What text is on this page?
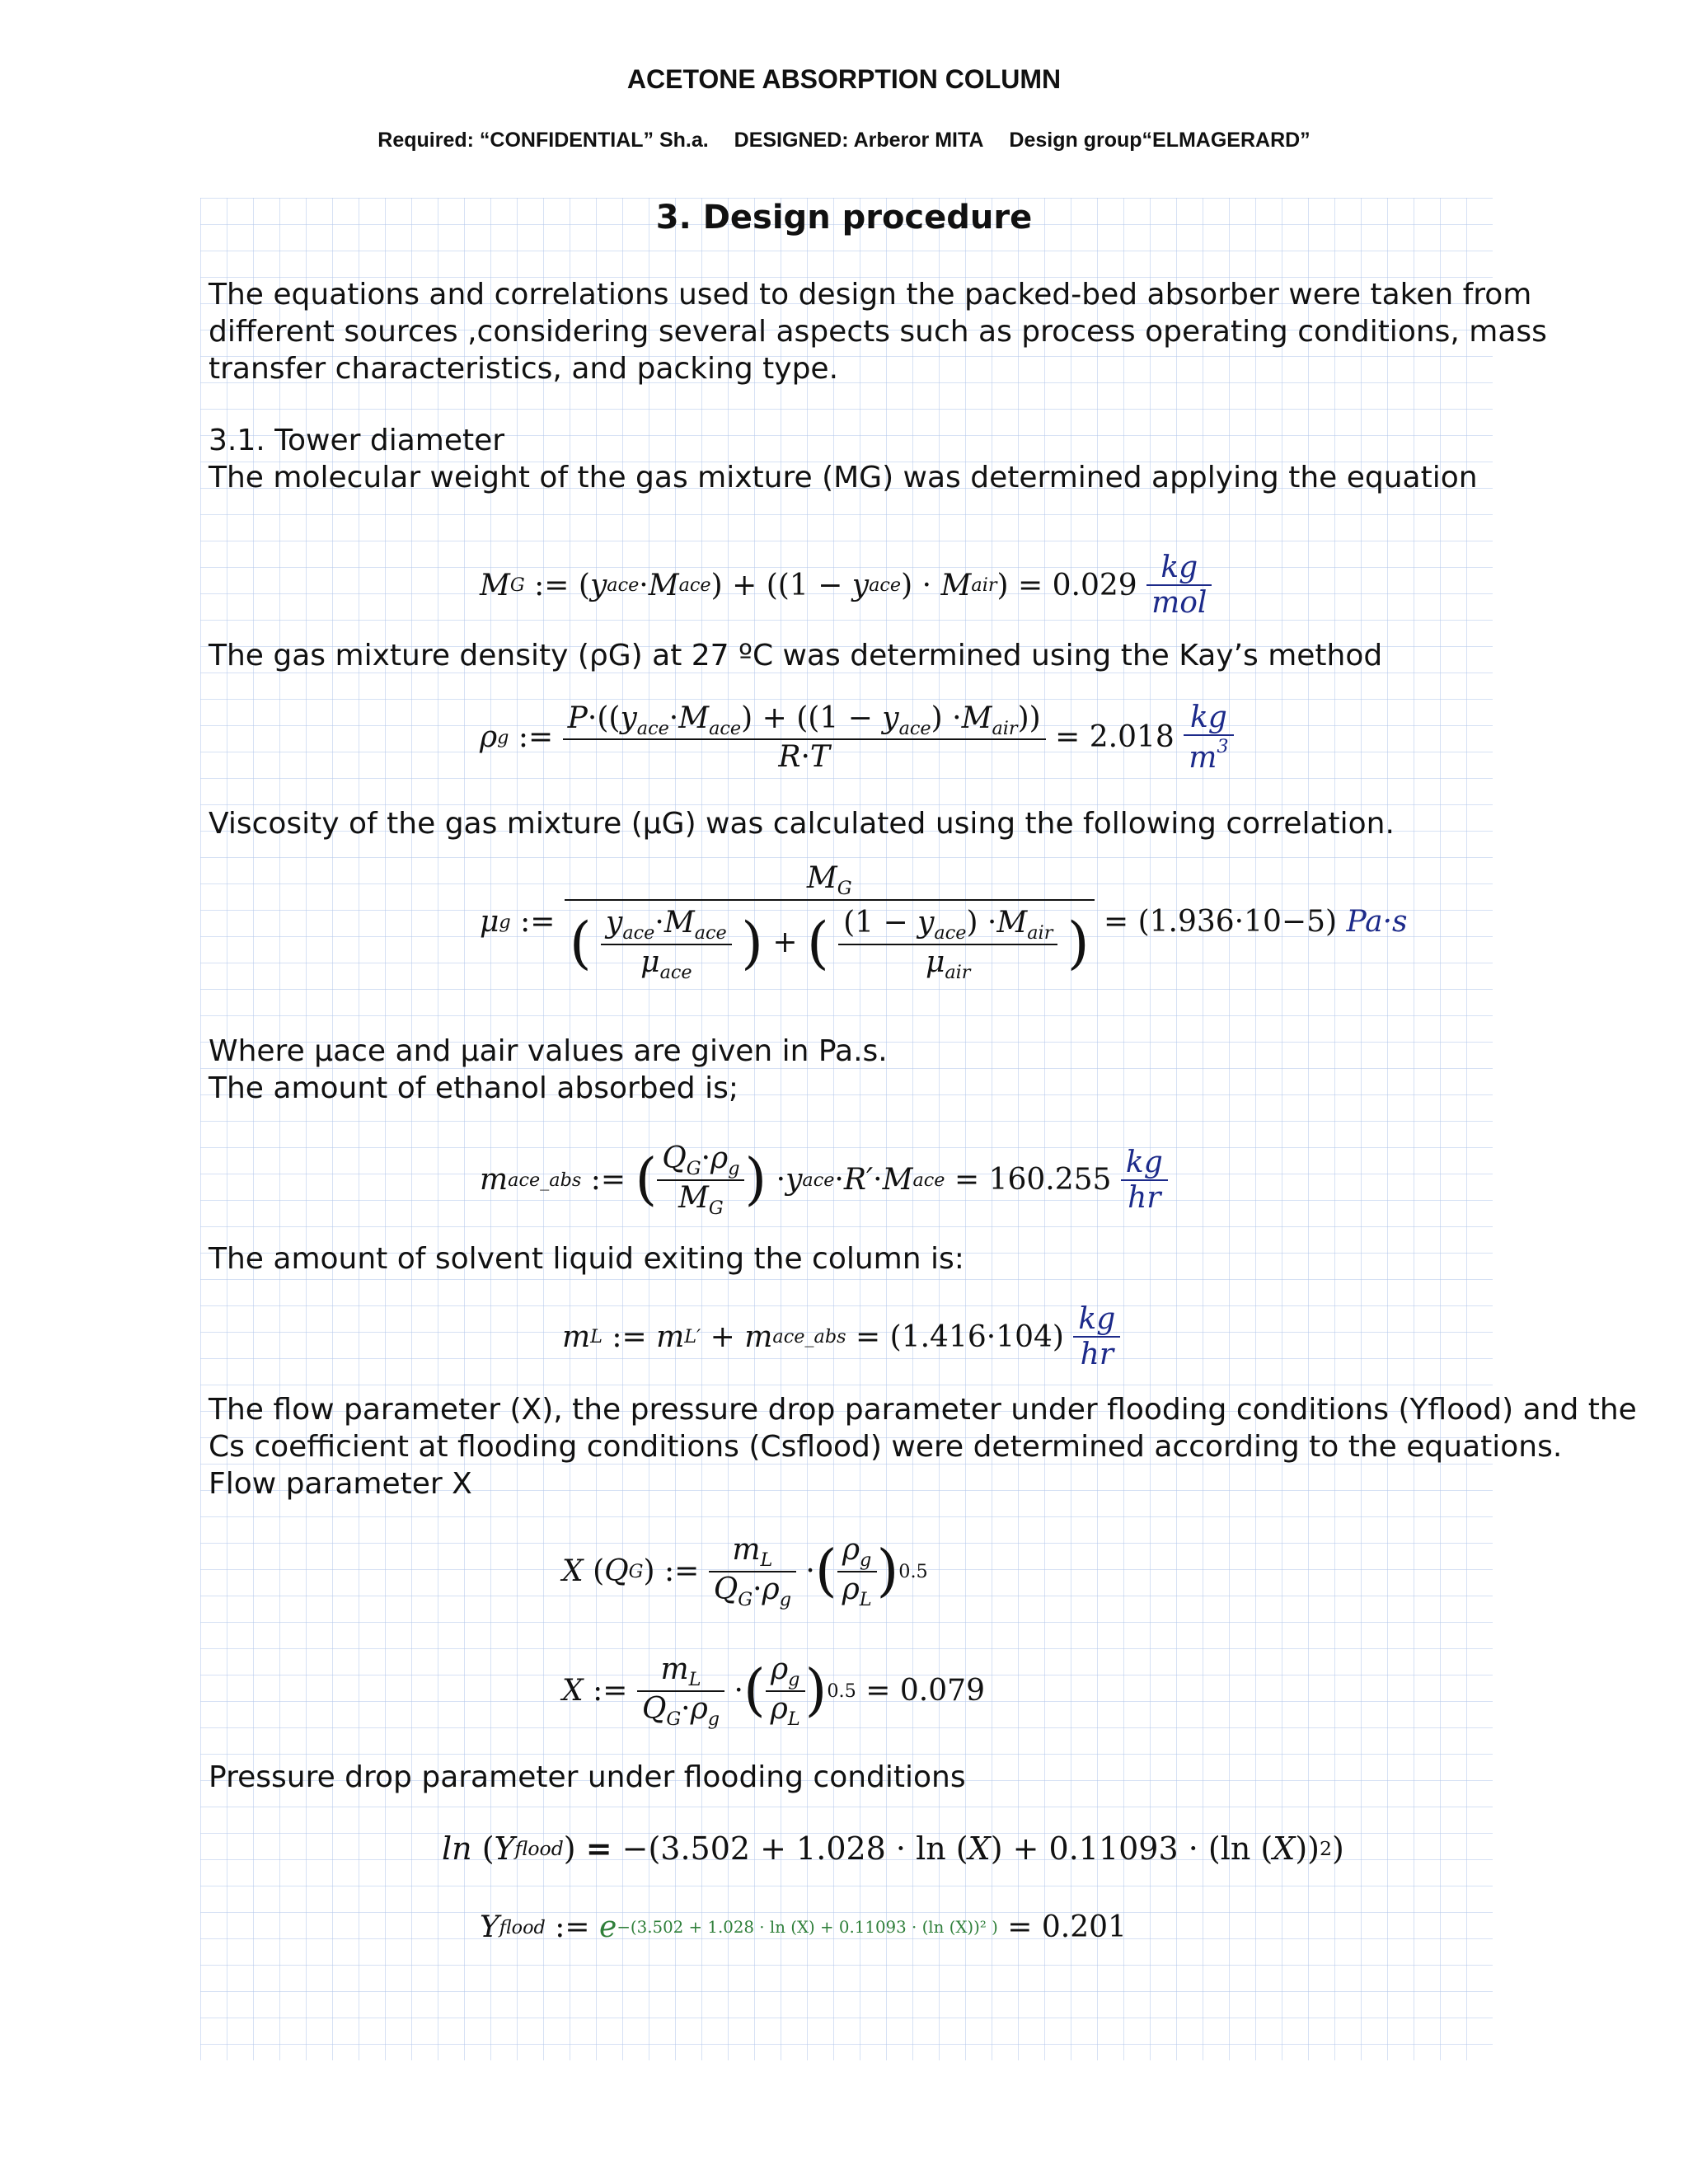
ACETONE ABSORPTION COLUMN
Required: “CONFIDENTIAL” Sh.a. DESIGNED: Arberor MITA Design group“ELMAGERARD”
3. Design procedure
The equations and correlations used to design the packed-bed absorber were taken from
different sources ,considering several aspects such as process operating conditions, mass
transfer characteristics, and packing type.
3.1. Tower diameter
The molecular weight of the gas mixture (MG) was determined applying the equation
M G := ( y ace · M ace ) + ((1 − y ace ) · M air ) = 0.029
$\frac{kg}{\text{mol}}$
The gas mixture density (ρG) at 27 ºC was determined using the Kay’s method
ρ g := $\frac{P\cdot((y_{ace}\cdot M_{ace}) + ((1 - y_{ace}) \cdot M_{air}))}{R\cdot T} = 2.018$
$\frac{kg}{m^3}$
Viscosity of the gas mixture (μG) was calculated using the following correlation.
μ g :=
$M_G$
( $\frac{y_{ace}\cdot M_{ace}}{\mu_{ace}}$ ) + ( $\frac{(1 - y_{ace}) \cdot M_{air}}{\mu_{air}}$ ) = (1.936·10−5)
Pa·s
Where μace and μair values are given in Pa.s.
The amount of ethanol absorbed is;
m ace_abs := ( $\frac{Q_G\cdot\rho_g}{M_G}$ ) · y ace · R′ · M ace = 160.255
$\frac{kg}{hr}$
The amount of solvent liquid exiting the column is:
m L := m L′ + m ace_abs = (1.416·104)
$\frac{kg}{hr}$
The flow parameter (X), the pressure drop parameter under flooding conditions (Yflood) and the
Cs coefficient at flooding conditions (Csflood) were determined according to the equations.
Flow parameter X
X ( Q G ) := $\frac{m_L}{Q_G\cdot\rho_g}$ · ( $\frac{\rho_g}{\rho_L}$ ) 0.5
X := $\frac{m_L}{Q_G\cdot\rho_g}$ · ( $\frac{\rho_g}{\rho_L}$ ) 0.5 = 0.079
Pressure drop parameter under flooding conditions
ln ( Y flood ) = −(3.502 + 1.028 · ln ( X ) + 0.11093 · (ln ( X )) 2 )
Y flood := e −(3.502 + 1.028 · ln (X) + 0.11093 · (ln (X))² ) = 0.201
